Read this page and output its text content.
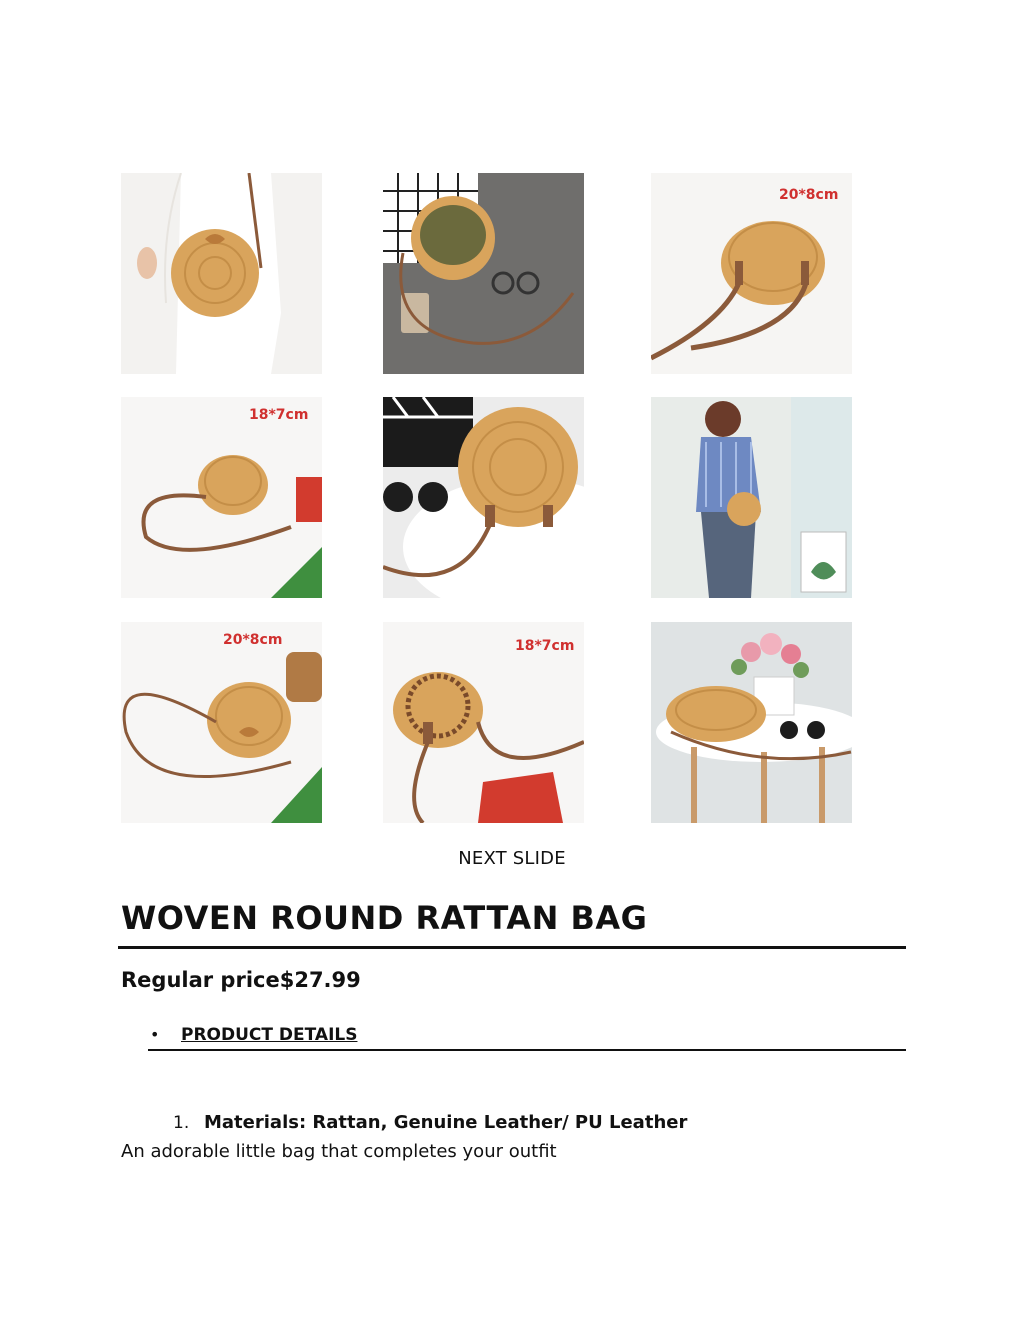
20*8cm
18*7cm
20*8cm	18*7cm
NEXT SLIDE
WOVEN ROUND RATTAN BAG
Regular price$27.99
• PRODUCT DETAILS
1. Materials: Rattan, Genuine Leather/ PU Leather
An adorable little bag that completes your outfit
